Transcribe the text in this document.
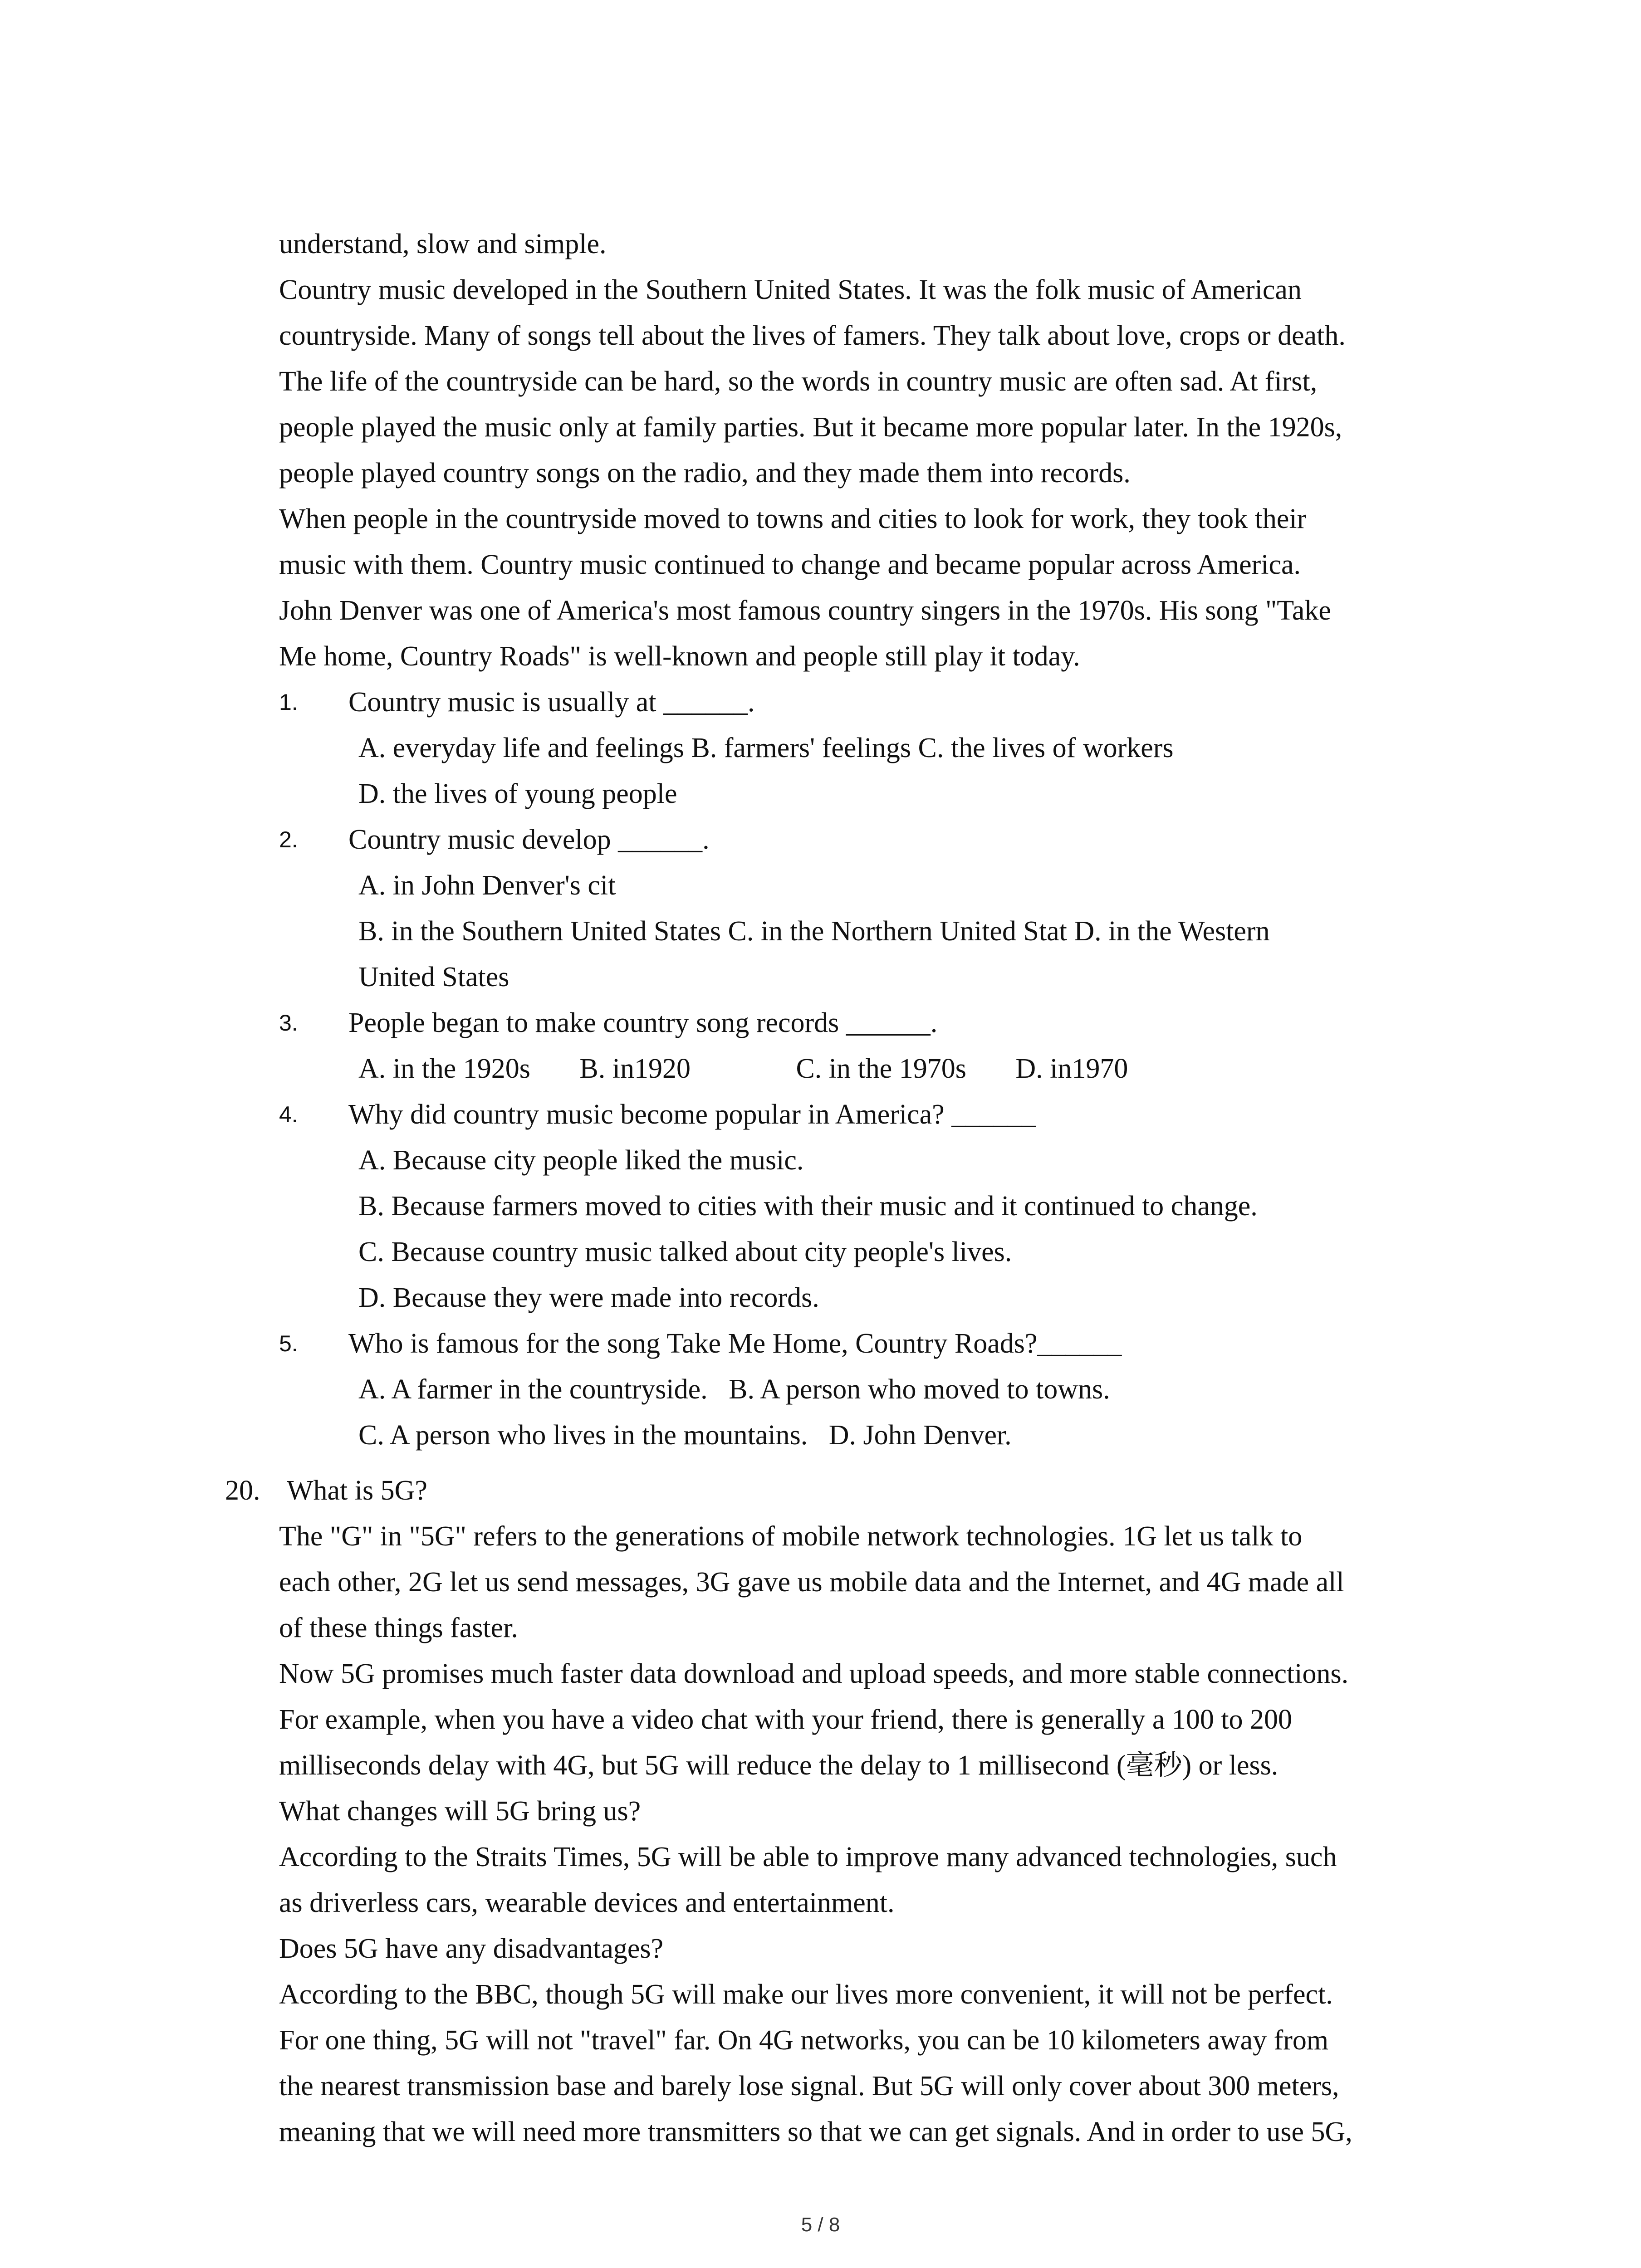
understand, slow and simple.
Country music developed in the Southern United States. It was the folk music of American
countryside. Many of songs tell about the lives of famers. They talk about love, crops or death.
The life of the countryside can be hard, so the words in country music are often sad. At first,
people played the music only at family parties. But it became more popular later. In the 1920s,
people played country songs on the radio, and they made them into records.
When people in the countryside moved to towns and cities to look for work, they took their
music with them. Country music continued to change and became popular across America.
John Denver was one of America's most famous country singers in the 1970s. His song "Take
Me home, Country Roads" is well-known and people still play it today.
1. Country music is usually at ______.
A. everyday life and feelings B. farmers' feelings C. the lives of workers
D. the lives of young people
2. Country music develop ______.
A. in John Denver's cit
B. in the Southern United States C. in the Northern United Stat D. in the Western
United States
3. People began to make country song records ______.
A. in the 1920s       B. in1920               C. in the 1970s       D. in1970
4. Why did country music become popular in America? ______
A. Because city people liked the music.
B. Because farmers moved to cities with their music and it continued to change.
C. Because country music talked about city people's lives.
D. Because they were made into records.
5. Who is famous for the song Take Me Home, Country Roads?______
A. A farmer in the countryside.   B. A person who moved to towns.
C. A person who lives in the mountains.   D. John Denver.
20. What is 5G?
The "G" in "5G" refers to the generations of mobile network technologies. 1G let us talk to
each other, 2G let us send messages, 3G gave us mobile data and the Internet, and 4G made all
of these things faster.
Now 5G promises much faster data download and upload speeds, and more stable connections.
For example, when you have a video chat with your friend, there is generally a 100 to 200
milliseconds delay with 4G, but 5G will reduce the delay to 1 millisecond (毫秒) or less.
What changes will 5G bring us?
According to the Straits Times, 5G will be able to improve many advanced technologies, such
as driverless cars, wearable devices and entertainment.
Does 5G have any disadvantages?
According to the BBC, though 5G will make our lives more convenient, it will not be perfect.
For one thing, 5G will not "travel" far. On 4G networks, you can be 10 kilometers away from
the nearest transmission base and barely lose signal. But 5G will only cover about 300 meters,
meaning that we will need more transmitters so that we can get signals. And in order to use 5G,
5 / 8
